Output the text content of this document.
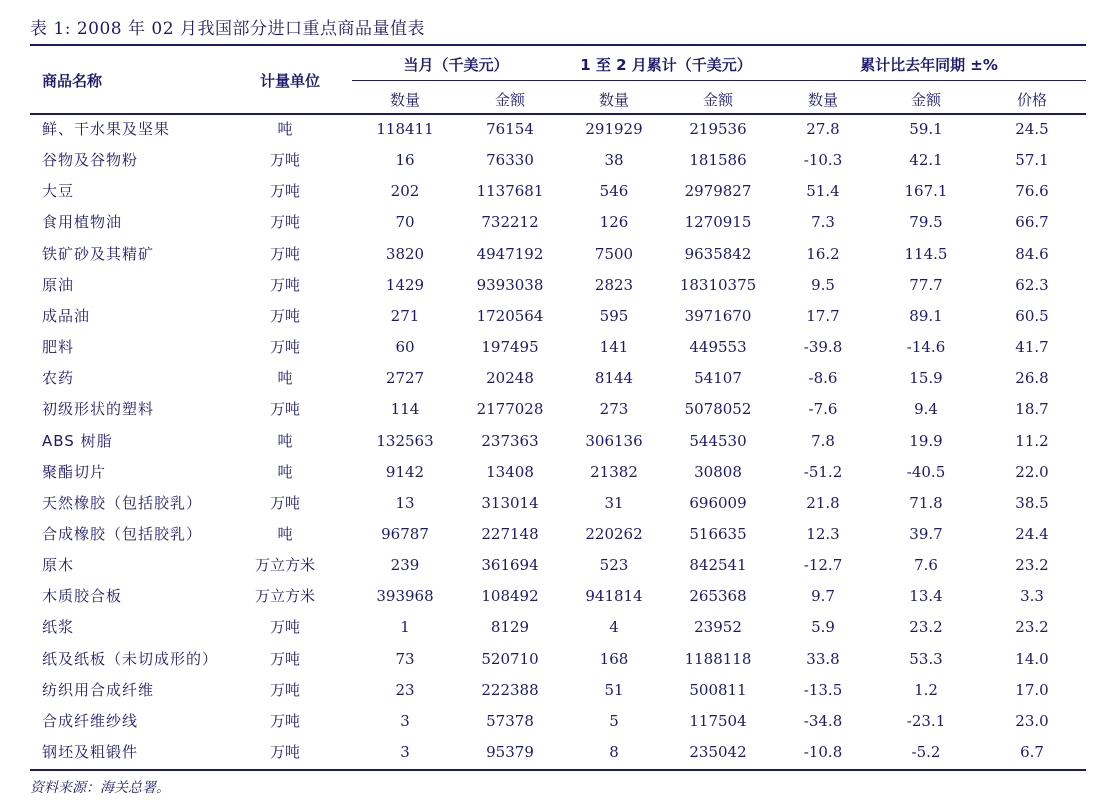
表 1: 2008 年 02 月我国部分进口重点商品量值表
商品名称	计量单位
当月（千美元）	1 至 2 月累计（千美元）	累计比去年同期 ±%
数量	金额	数量	金额	数量	金额	价格
鲜、干水果及坚果	吨	118411	76154	291929	219536	27.8	59.1	24.5
谷物及谷物粉	万吨	16	76330	38	181586	-10.3	42.1	57.1
大豆	万吨	202	1137681	546	2979827	51.4	167.1	76.6
食用植物油	万吨	70	732212	126	1270915	7.3	79.5	66.7
铁矿砂及其精矿	万吨	3820	4947192	7500	9635842	16.2	114.5	84.6
原油	万吨	1429	9393038	2823	18310375	9.5	77.7	62.3
成品油	万吨	271	1720564	595	3971670	17.7	89.1	60.5
肥料	万吨	60	197495	141	449553	-39.8	-14.6	41.7
农药	吨	2727	20248	8144	54107	-8.6	15.9	26.8
初级形状的塑料	万吨	114	2177028	273	5078052	-7.6	9.4	18.7
ABS 树脂	吨	132563	237363	306136	544530	7.8	19.9	11.2
聚酯切片	吨	9142	13408	21382	30808	-51.2	-40.5	22.0
天然橡胶（包括胶乳）	万吨	13	313014	31	696009	21.8	71.8	38.5
合成橡胶（包括胶乳）	吨	96787	227148	220262	516635	12.3	39.7	24.4
原木	万立方米	239	361694	523	842541	-12.7	7.6	23.2
木质胶合板	万立方米	393968	108492	941814	265368	9.7	13.4	3.3
纸浆	万吨	1	8129	4	23952	5.9	23.2	23.2
纸及纸板（未切成形的）	万吨	73	520710	168	1188118	33.8	53.3	14.0
纺织用合成纤维	万吨	23	222388	51	500811	-13.5	1.2	17.0
合成纤维纱线	万吨	3	57378	5	117504	-34.8	-23.1	23.0
钢坯及粗锻件	万吨	3	95379	8	235042	-10.8	-5.2	6.7
资料来源：海关总署。
